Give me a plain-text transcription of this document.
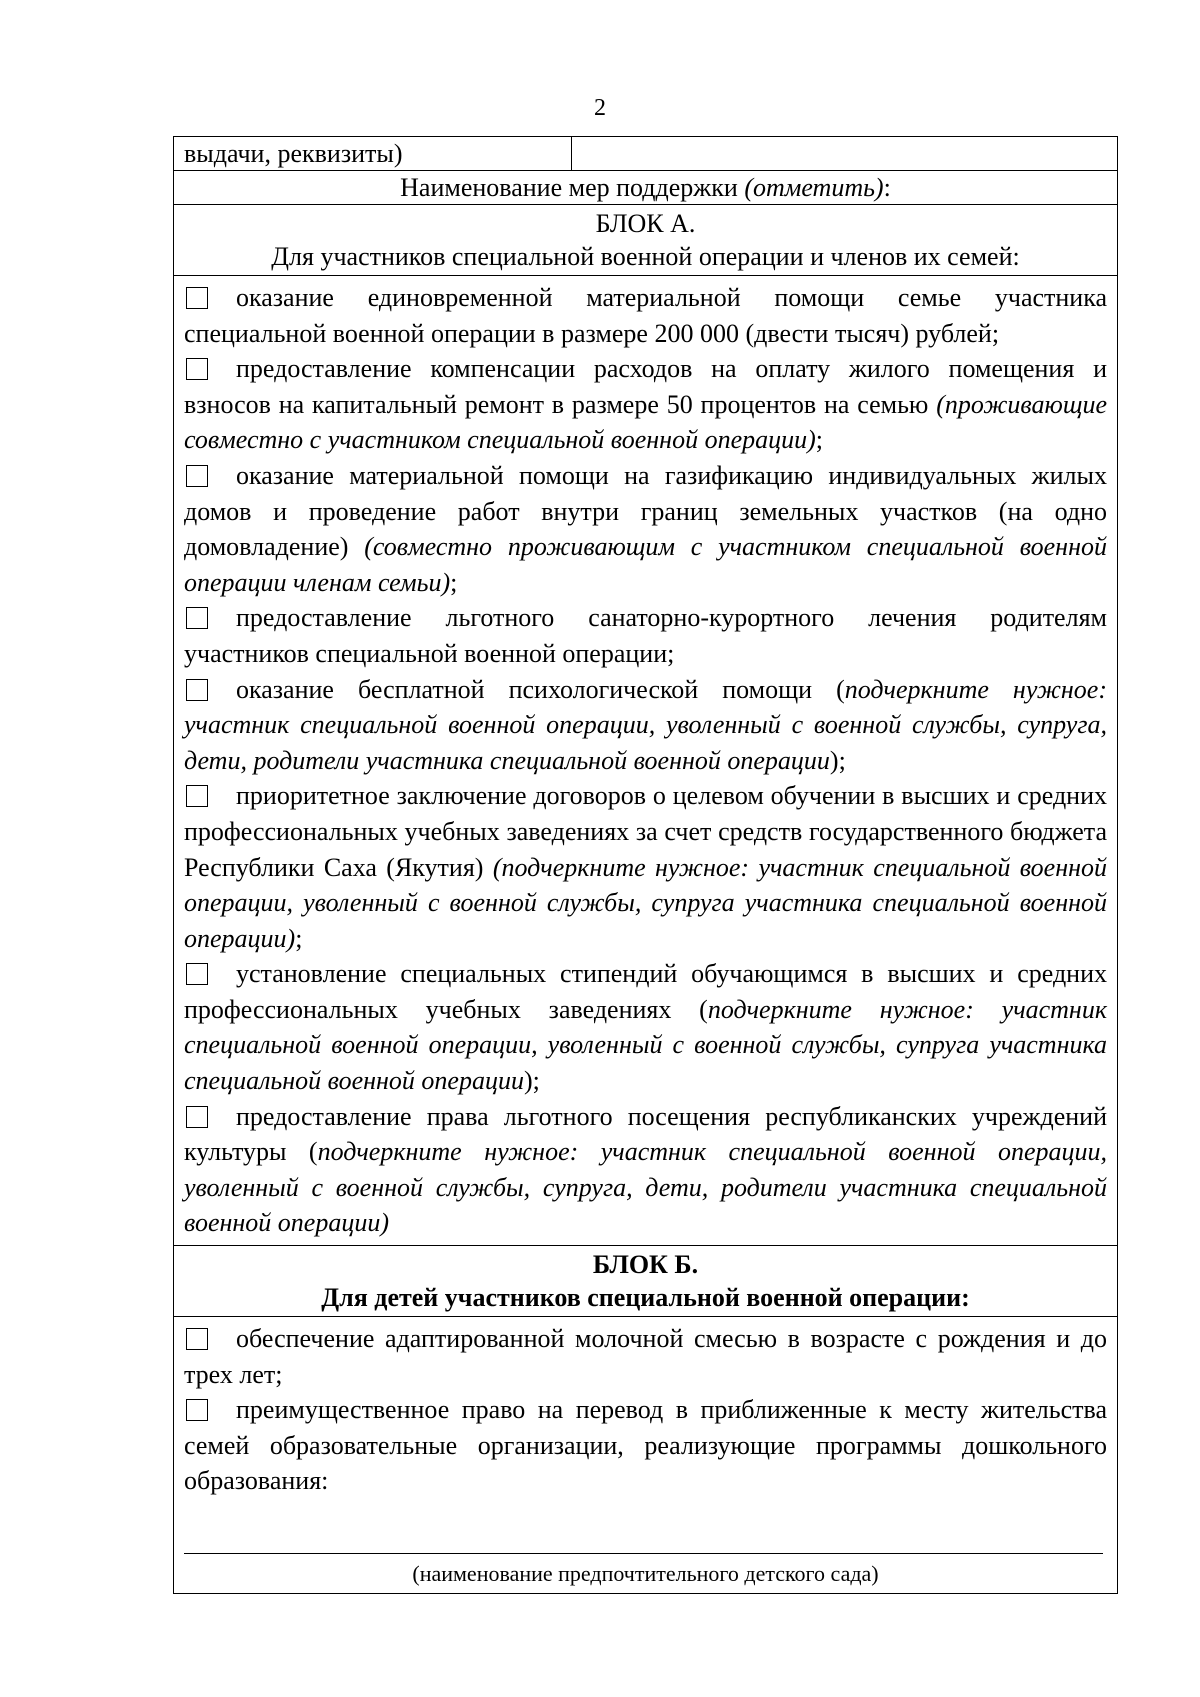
2
выдачи, реквизиты)
Наименование мер поддержки (отметить):
БЛОК А.
Для участников специальной военной операции и членов их семей:
оказание единовременной материальной помощи семье участника специальной военной операции в размере 200 000 (двести тысяч) рублей;
предоставление компенсации расходов на оплату жилого помещения и взносов на капитальный ремонт в размере 50 процентов на семью (проживающие совместно с участником специальной военной операции);
оказание материальной помощи на газификацию индивидуальных жилых домов и проведение работ внутри границ земельных участков (на одно домовладение) (совместно проживающим с участником специальной военной операции членам семьи);
предоставление льготного санаторно-курортного лечения родителям участников специальной военной операции;
оказание бесплатной психологической помощи (подчеркните нужное: участник специальной военной операции, уволенный с военной службы, супруга, дети, родители участника специальной военной операции);
приоритетное заключение договоров о целевом обучении в высших и средних профессиональных учебных заведениях за счет средств государственного бюджета Республики Саха (Якутия) (подчеркните нужное: участник специальной военной операции, уволенный с военной службы, супруга участника специальной военной операции);
установление специальных стипендий обучающимся в высших и средних профессиональных учебных заведениях (подчеркните нужное: участник специальной военной операции, уволенный с военной службы, супруга участника специальной военной операции);
предоставление права льготного посещения республиканских учреждений культуры (подчеркните нужное: участник специальной военной операции, уволенный с военной службы, супруга, дети, родители участника специальной военной операции)
БЛОК Б.
Для детей участников специальной военной операции:
обеспечение адаптированной молочной смесью в возрасте с рождения и до трех лет;
преимущественное право на перевод в приближенные к месту жительства семей образовательные организации, реализующие программы дошкольного образования:
(наименование предпочтительного детского сада)
